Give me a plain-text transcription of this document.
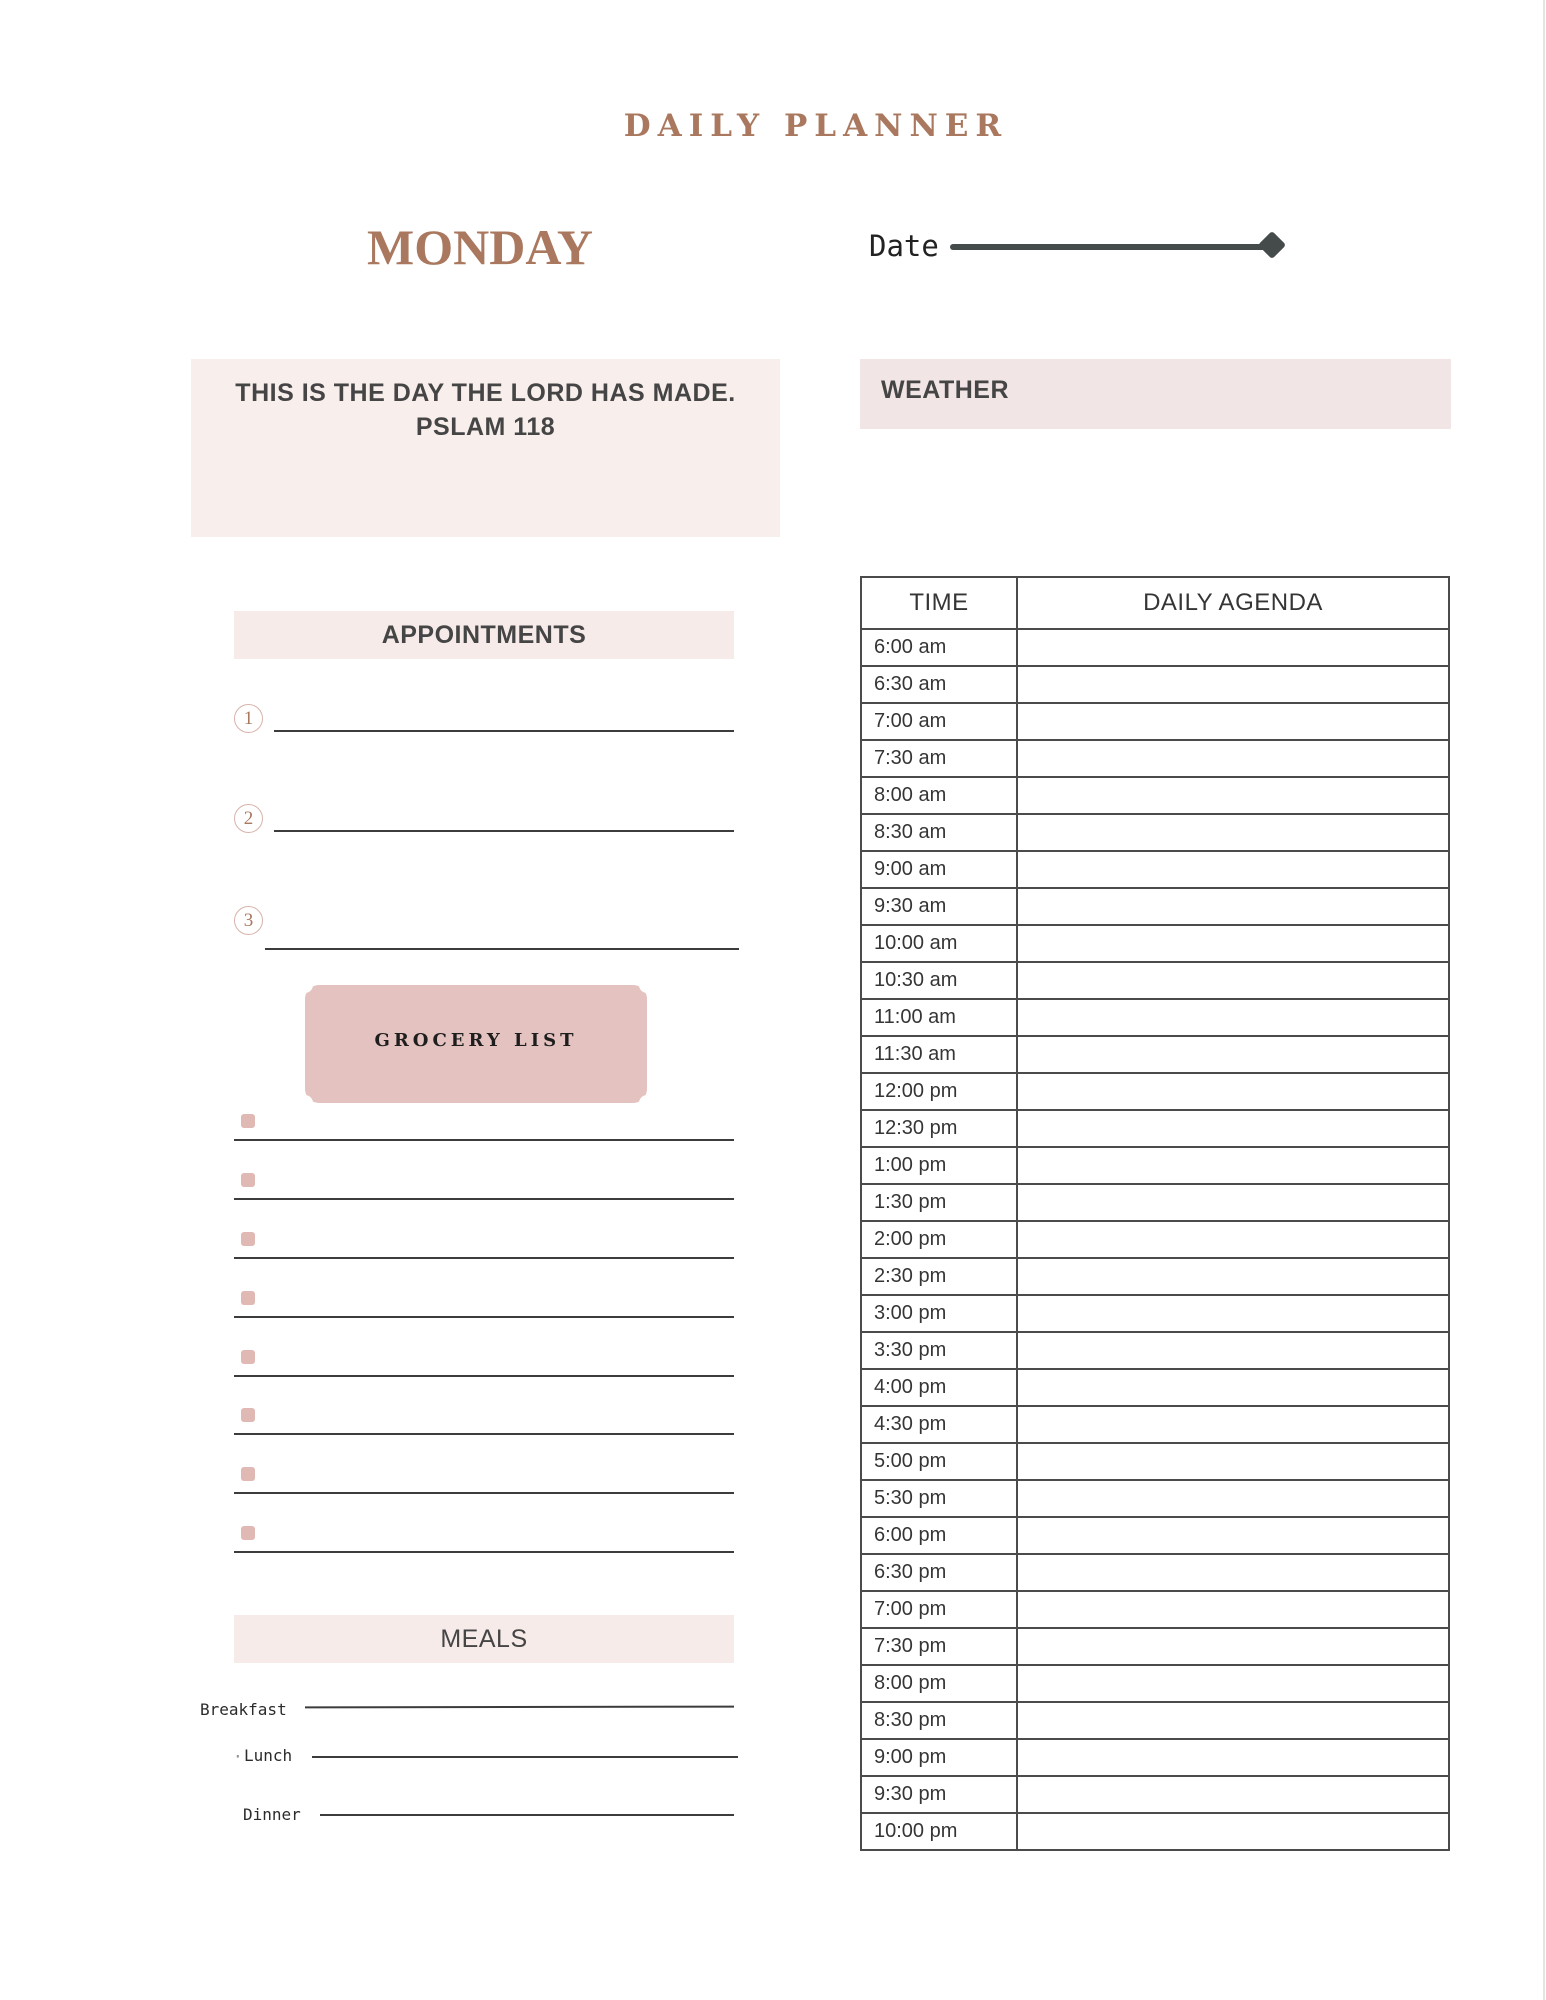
DAILY PLANNER
MONDAY	Date
THIS IS THE DAY THE LORD HAS MADE.
PSLAM 118
WEATHER
APPOINTMENTS
1
2
3
GROCERY LIST
MEALS
Breakfast
· Lunch
Dinner
TIME	DAILY AGENDA
6:00 am	
6:30 am	
7:00 am	
7:30 am	
8:00 am	
8:30 am	
9:00 am	
9:30 am	
10:00 am	
10:30 am	
11:00 am	
11:30 am	
12:00 pm	
12:30 pm	
1:00 pm	
1:30 pm	
2:00 pm	
2:30 pm	
3:00 pm	
3:30 pm	
4:00 pm	
4:30 pm	
5:00 pm	
5:30 pm	
6:00 pm	
6:30 pm	
7:00 pm	
7:30 pm	
8:00 pm	
8:30 pm	
9:00 pm	
9:30 pm	
10:00 pm	
